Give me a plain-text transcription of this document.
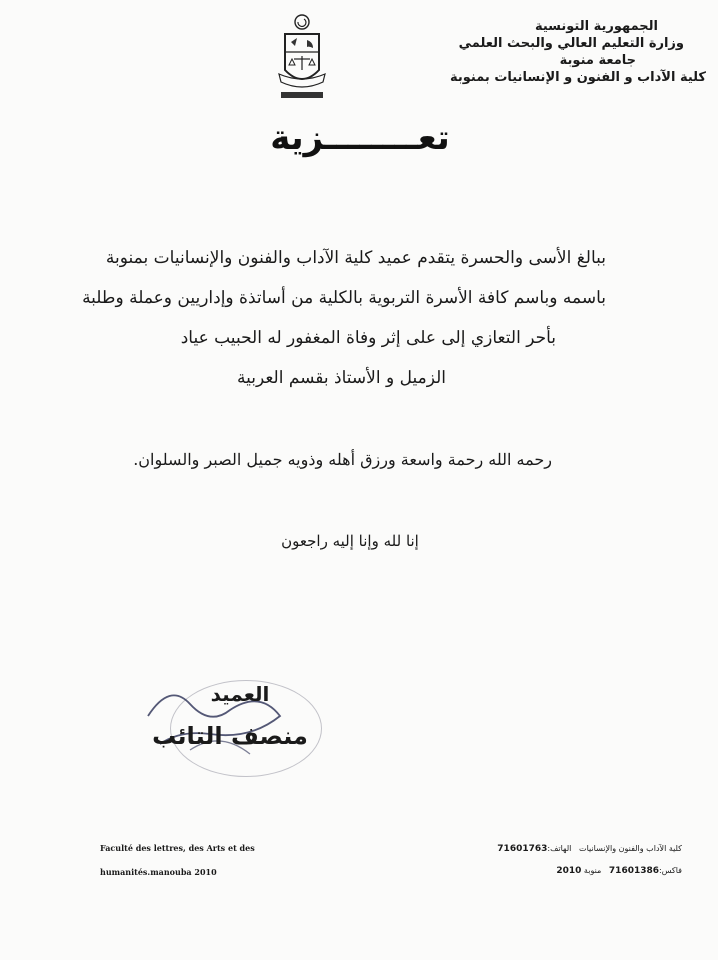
الجمهورية التونسية
وزارة التعليم العالي والبحث العلمي
جامعة منوبة
كلية الآداب و الفنون و الإنسانيات بمنوبة
تعــــــــزية
ببالغ الأسى والحسرة يتقدم عميد كلية الآداب والفنون والإنسانيات بمنوبة
باسمه وباسم كافة الأسرة التربوية بالكلية من أساتذة وإداريين وعملة وطلبة
بأحر التعازي إلى على إثر وفاة المغفور له الحبيب عياد
الزميل و الأستاذ بقسم العربية
رحمه الله رحمة واسعة ورزق أهله وذويه جميل الصبر والسلوان.
إنا لله وإنا إليه راجعون
العميد
منصف التائب
Faculté des lettres, des Arts et des
humanités.manouba 2010
كلية الآداب والفنون والإنسانيات   الهاتف:71601763
فاكس:71601386   منوبة 2010
